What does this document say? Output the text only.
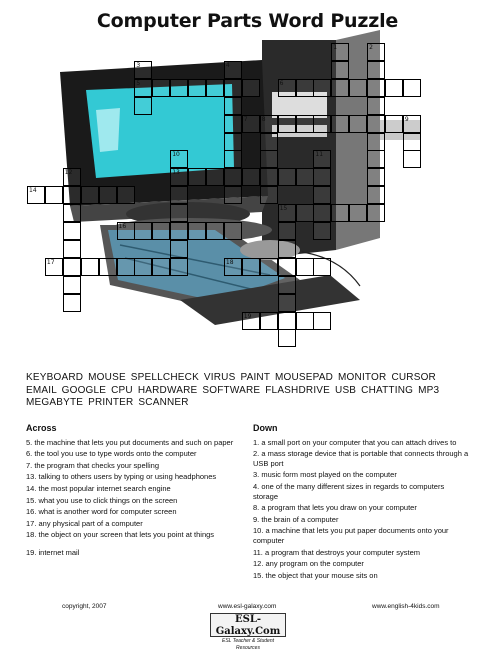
Computer Parts Word Puzzle
1	2
3	4
5	6
7 8	9
10	11
12	13
14
15
16
17	18
19
KEYBOARD MOUSE SPELLCHECK VIRUS PAINT MOUSEPAD MONITOR CURSOR EMAIL GOOGLE CPU HARDWARE SOFTWARE FLASHDRIVE USB CHATTING MP3 MEGABYTE PRINTER SCANNER
Across
5. the machine that lets you put documents and such on paper
6. the tool you use to type words onto the computer
7. the program that checks your spelling
13. talking to others users by typing or using headphones
14. the most popular internet search engine
15. what you use to click things on the screen
16. what is another word for computer screen
17. any physical part of a computer
18. the object on your screen that lets you point at things
19. internet mail
Down
1. a small port on your computer that you can attach drives to
2. a mass storage device that is portable that connects through a USB port
3. music form most played on the computer
4. one of the many different sizes in regards to computers storage
8. a program that lets you draw on your computer
9. the brain of a computer
10. a machine that lets you put paper documents onto your computer
11. a program that destroys your computer system
12. any program on the computer
15. the object that your mouse sits on
copyright, 2007	www.esl-galaxy.com	www.english-4kids.com
ESL-Galaxy.Com
ESL Teacher & Student Resources
